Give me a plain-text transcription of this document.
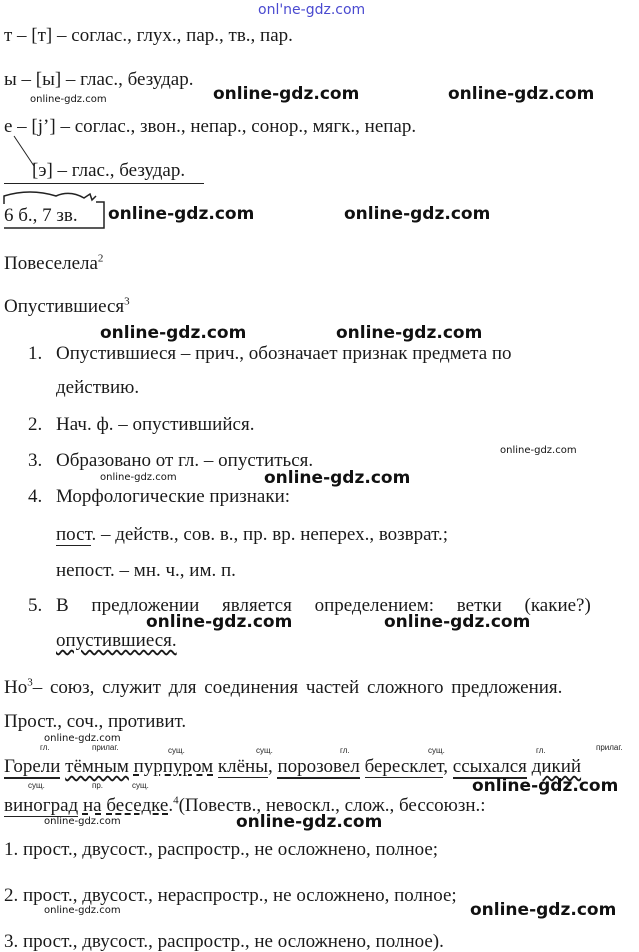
onl'ne-gdz.com
т – [т] – соглас., глух., пар., тв., пар.
ы – [ы] – глас., безудар.
е – [j’] – соглас., звон., непар., сонор., мягк., непар.
[э] – глас., безудар.
6 б., 7 зв.
Повеселела$^2$
Опустившиеся$^3$
1. Опустившиеся – прич., обозначает признак предмета по
действию.
2. Нач. ф. – опустившийся.
3. Образовано от гл. – опуститься.
4. Морфологические признаки:
пост. – действ., сов. в., пр. вр. неперех., возврат.;
непост. – мн. ч., им. п.
5. В предложении является определением: ветки (какие?)
опустившиеся.
$Но^3-$ союз, служит для соединения частей сложного предложения.
Прост., соч., противит.
гл.	прилаг.	сущ.	сущ.	гл.	сущ.	гл.	прилаг.
сущ.	пр.	сущ.
Горели тёмным пурпуром клёны, порозовел бересклет, ссыхался дикий
виноград на беседке.$^4$(Повеств., невоскл., слож., бессоюзн.:
1. прост., двусост., распростр., не осложнено, полное;
2. прост., двусост., нераспростр., не осложнено, полное;
3. прост., двусост., распростр., не осложнено, полное).
online-gdz.com	online-gdz.com	online-gdz.com
online-gdz.com	online-gdz.com
online-gdz.com	online-gdz.com
online-gdz.com
online-gdz.com	online-gdz.com
online-gdz.com	online-gdz.com
online-gdz.com
online-gdz.com
online-gdz.com	online-gdz.com
online-gdz.com	online-gdz.com
